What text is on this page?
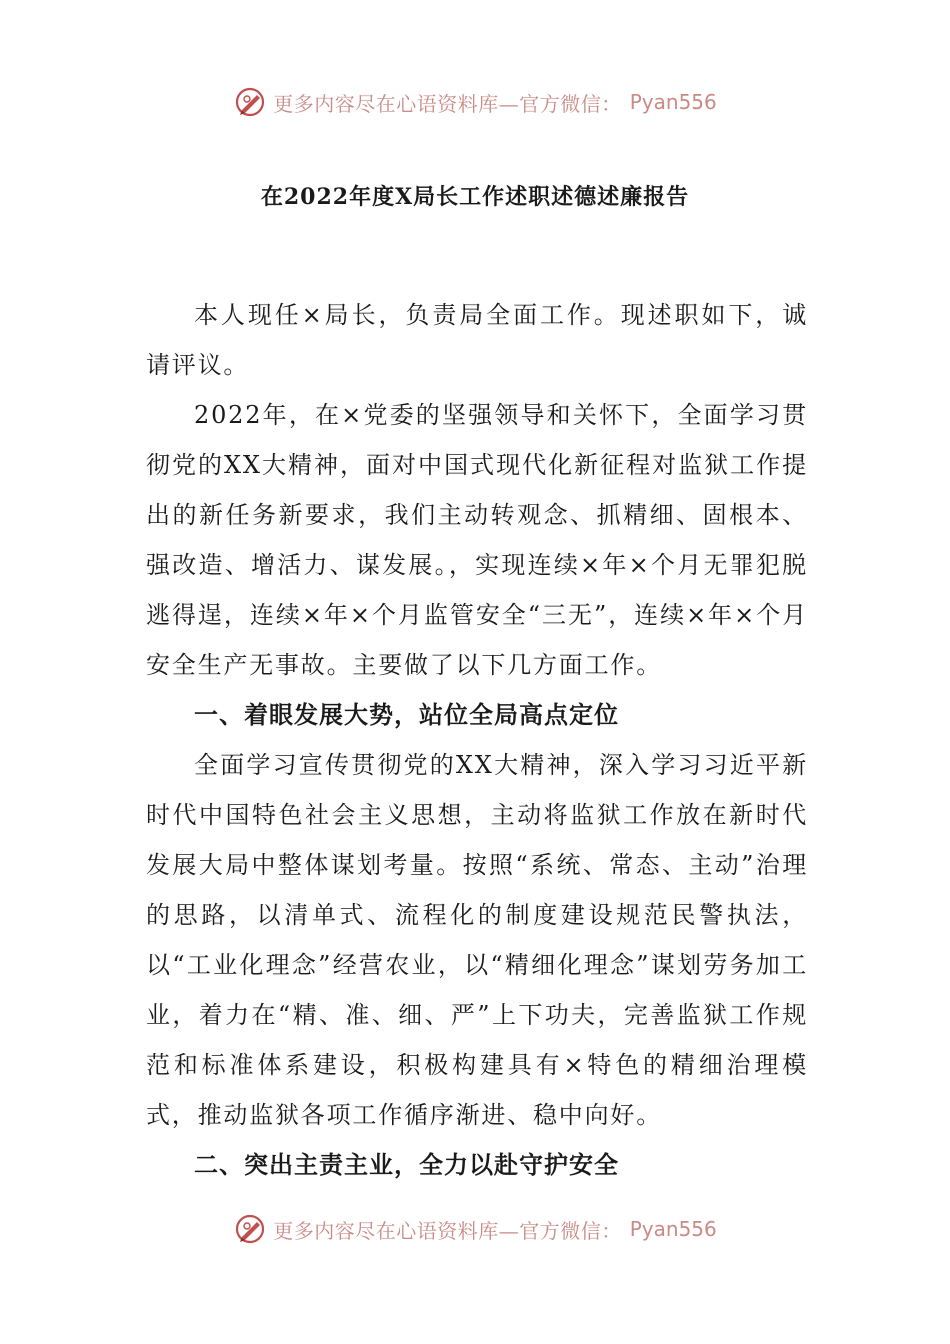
更多内容尽在心语资料库—官方微信： Pyan556
在2022年度X局长工作述职述德述廉报告

本人现任×局长，负责局全面工作。现述职如下，诚请评议。

2022年，在×党委的坚强领导和关怀下，全面学习贯彻党的XX大精神，面对中国式现代化新征程对监狱工作提出的新任务新要求，我们主动转观念、抓精细、固根本、强改造、增活力、谋发展。，实现连续×年×个月无罪犯脱逃得逞，连续×年×个月监管安全“三无”，连续×年×个月安全生产无事故。主要做了以下几方面工作。

一、着眼发展大势，站位全局高点定位

全面学习宣传贯彻党的XX大精神，深入学习习近平新时代中国特色社会主义思想，主动将监狱工作放在新时代发展大局中整体谋划考量。按照“系统、常态、主动”治理的思路，以清单式、流程化的制度建设规范民警执法，以“工业化理念”经营农业，以“精细化理念”谋划劳务加工业，着力在“精、准、细、严”上下功夫，完善监狱工作规范和标准体系建设，积极构建具有×特色的精细治理模式，推动监狱各项工作循序渐进、稳中向好。

二、突出主责主业，全力以赴守护安全

更多内容尽在心语资料库—官方微信： Pyan556
